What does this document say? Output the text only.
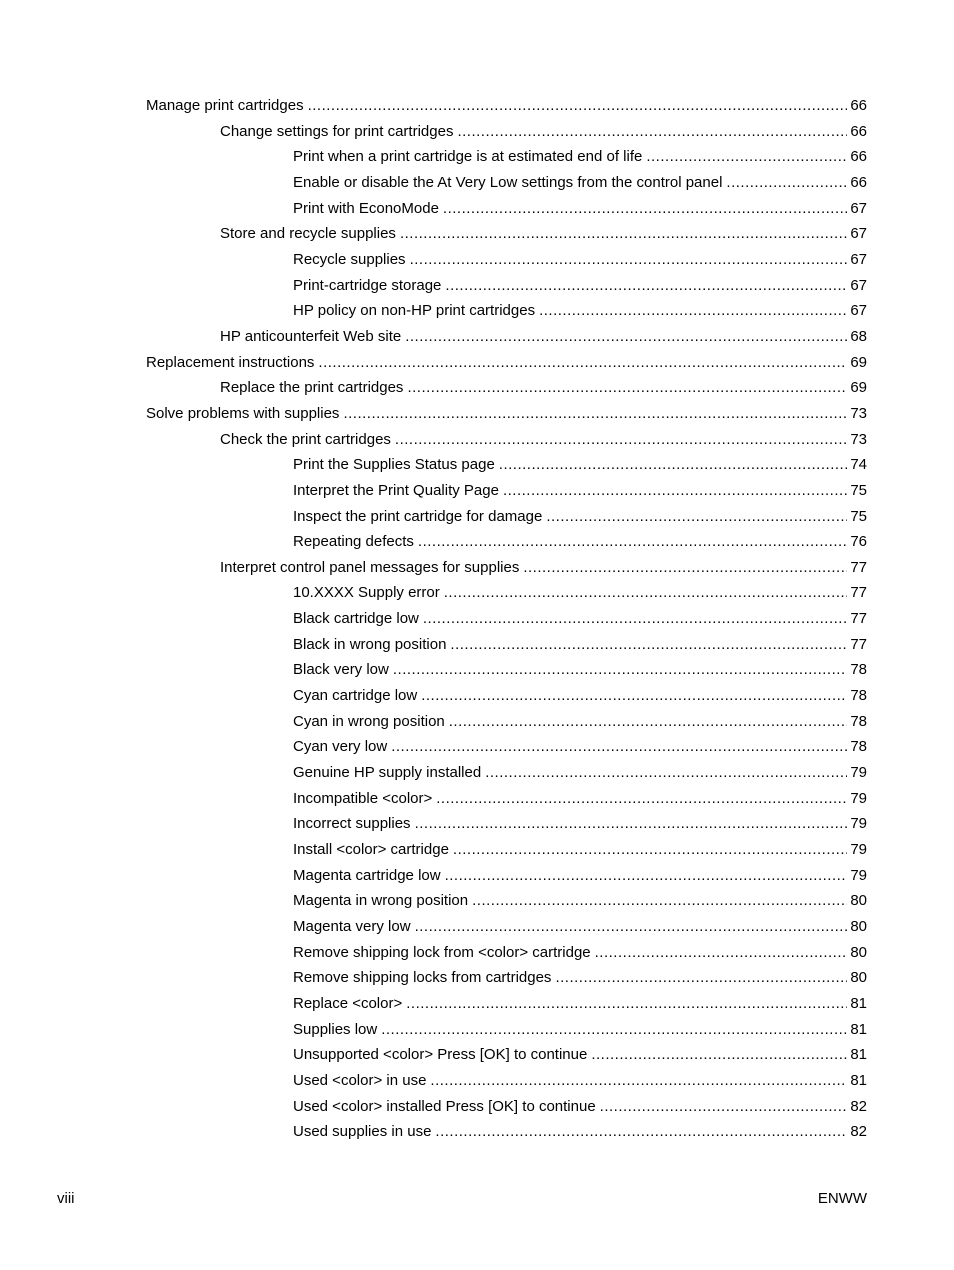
Manage print cartridges .....	66
Change settings for print cartridges .....	66
Print when a print cartridge is at estimated end of life .....	66
Enable or disable the At Very Low settings from the control panel .....	66
Print with EconoMode .....	67
Store and recycle supplies .....	67
Recycle supplies .....	67
Print-cartridge storage .....	67
HP policy on non-HP print cartridges .....	67
HP anticounterfeit Web site .....	68
Replacement instructions .....	69
Replace the print cartridges .....	69
Solve problems with supplies .....	73
Check the print cartridges .....	73
Print the Supplies Status page .....	74
Interpret the Print Quality Page .....	75
Inspect the print cartridge for damage .....	75
Repeating defects .....	76
Interpret control panel messages for supplies .....	77
10.XXXX Supply error .....	77
Black cartridge low .....	77
Black in wrong position .....	77
Black very low .....	78
Cyan cartridge low .....	78
Cyan in wrong position .....	78
Cyan very low .....	78
Genuine HP supply installed .....	79
Incompatible <color> .....	79
Incorrect supplies .....	79
Install <color> cartridge .....	79
Magenta cartridge low .....	79
Magenta in wrong position .....	80
Magenta very low .....	80
Remove shipping lock from <color> cartridge .....	80
Remove shipping locks from cartridges .....	80
Replace <color> .....	81
Supplies low .....	81
Unsupported <color> Press [OK] to continue .....	81
Used <color> in use .....	81
Used <color> installed Press [OK] to continue .....	82
Used supplies in use .....	82
viii	ENWW
